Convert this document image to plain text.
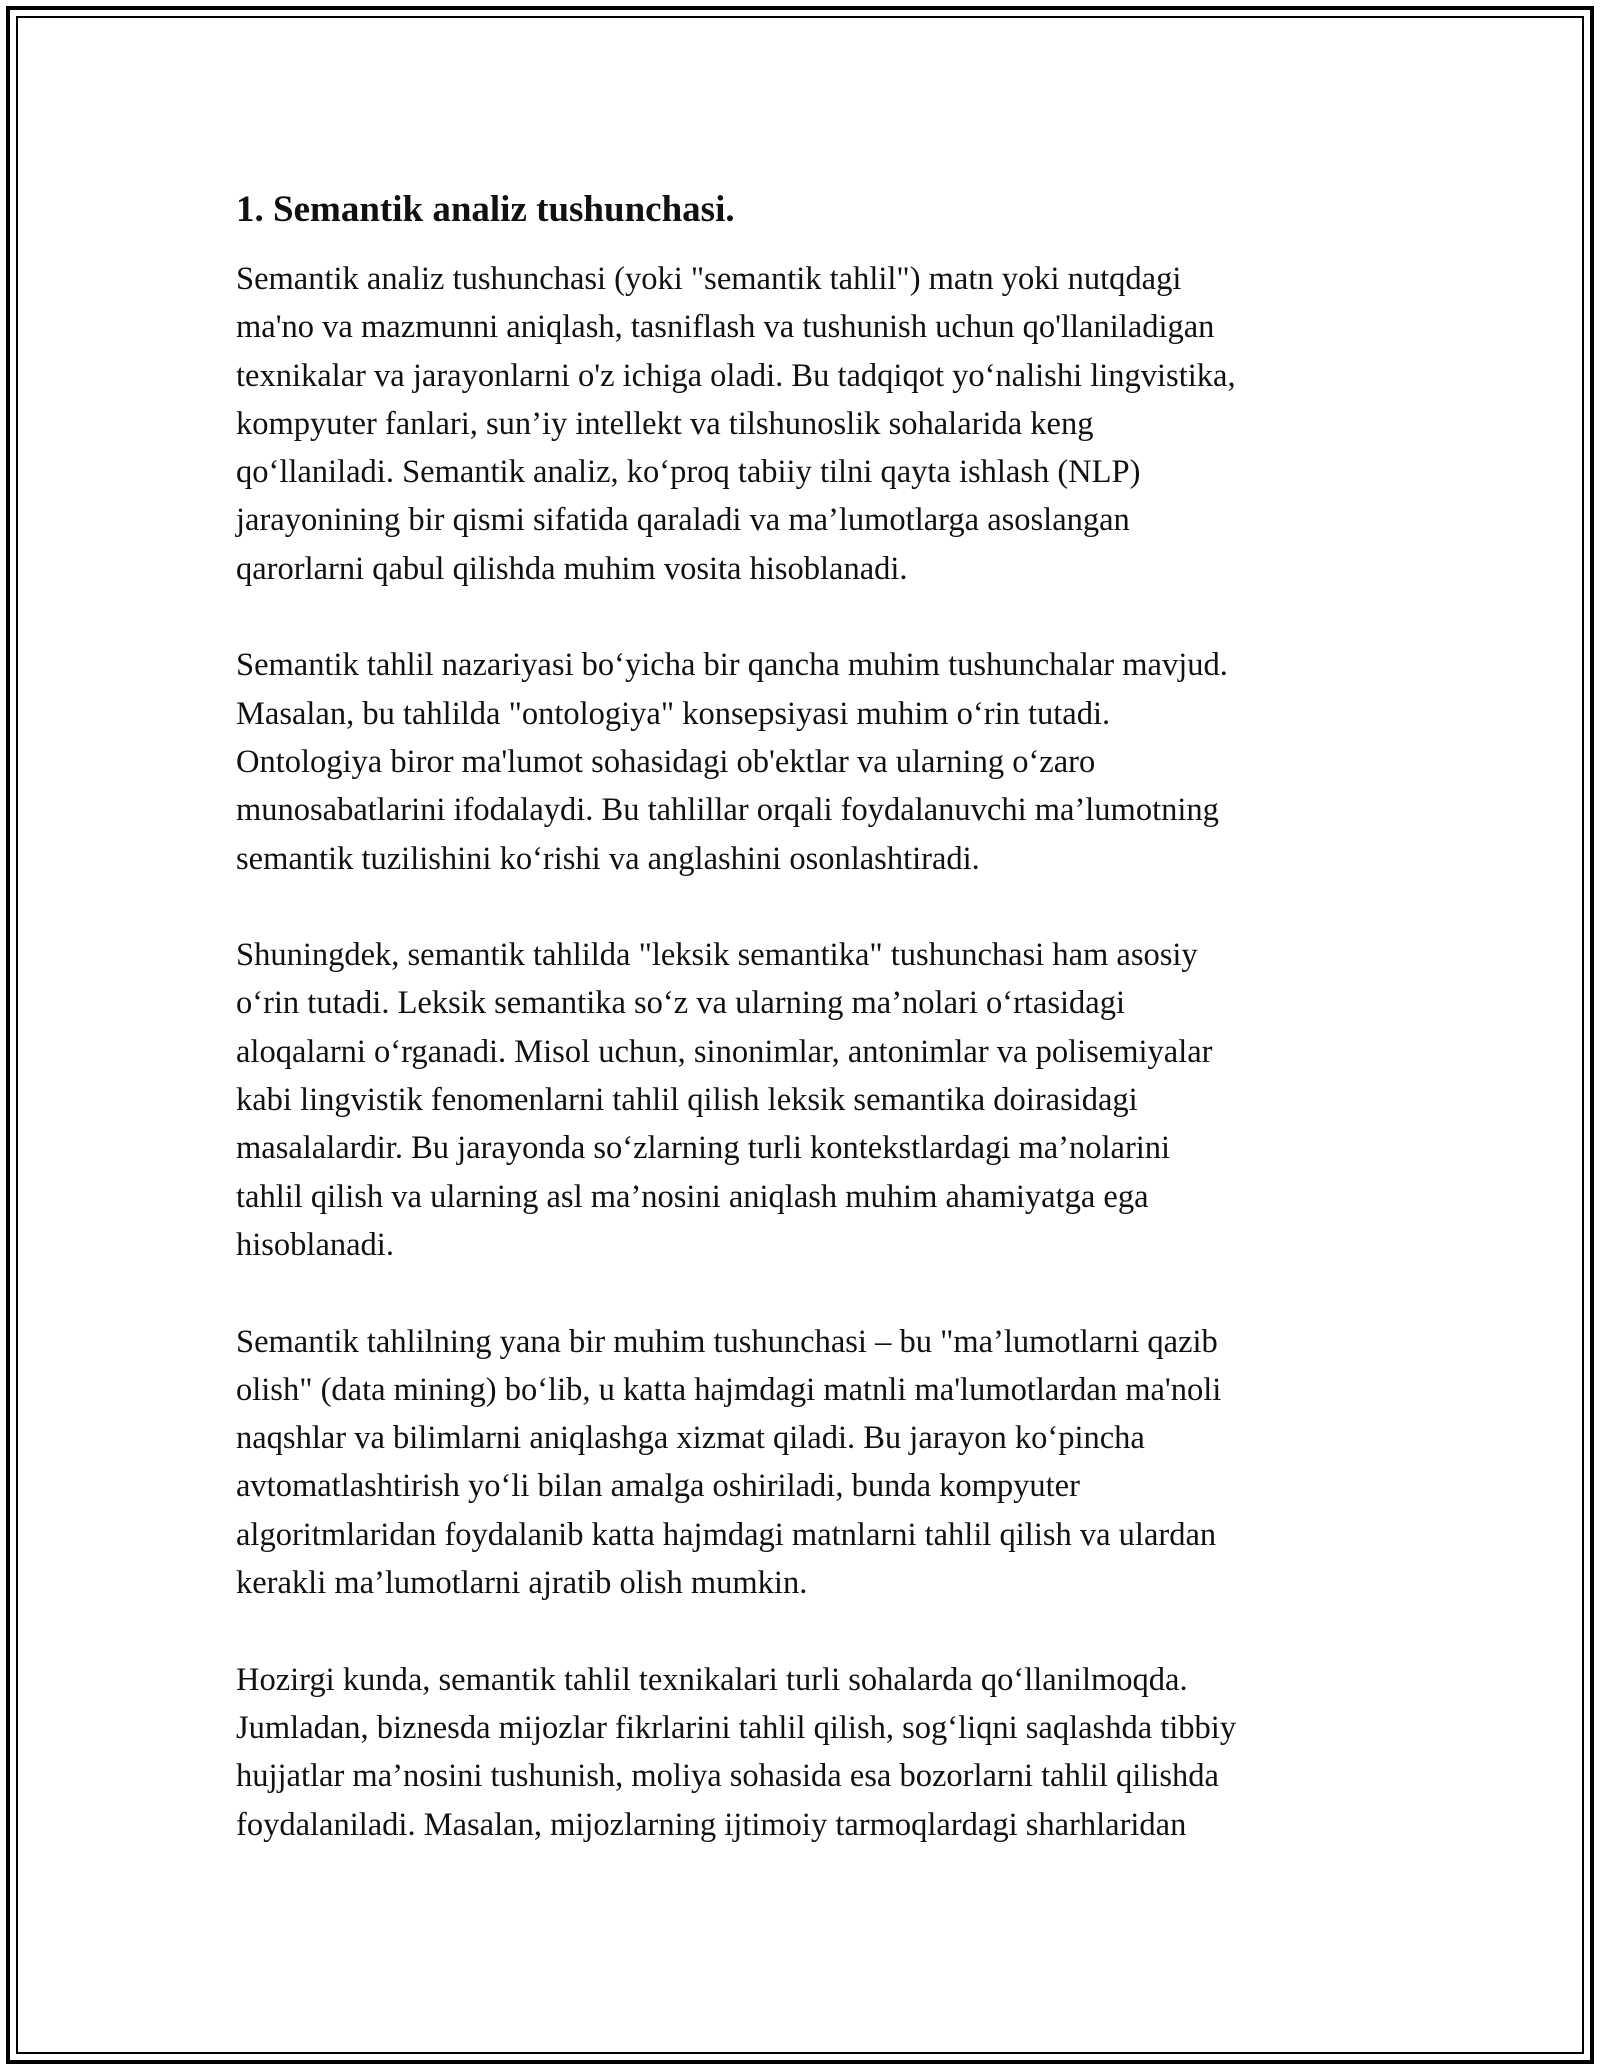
1. Semantik analiz tushunchasi.
Semantik analiz tushunchasi (yoki "semantik tahlil") matn yoki nutqdagi
ma'no va mazmunni aniqlash, tasniflash va tushunish uchun qo'llaniladigan
texnikalar va jarayonlarni o'z ichiga oladi. Bu tadqiqot yo‘nalishi lingvistika,
kompyuter fanlari, sun’iy intellekt va tilshunoslik sohalarida keng
qo‘llaniladi. Semantik analiz, ko‘proq tabiiy tilni qayta ishlash (NLP)
jarayonining bir qismi sifatida qaraladi va ma’lumotlarga asoslangan
qarorlarni qabul qilishda muhim vosita hisoblanadi.
Semantik tahlil nazariyasi bo‘yicha bir qancha muhim tushunchalar mavjud.
Masalan, bu tahlilda "ontologiya" konsepsiyasi muhim o‘rin tutadi.
Ontologiya biror ma'lumot sohasidagi ob'ektlar va ularning o‘zaro
munosabatlarini ifodalaydi. Bu tahlillar orqali foydalanuvchi ma’lumotning
semantik tuzilishini ko‘rishi va anglashini osonlashtiradi.
Shuningdek, semantik tahlilda "leksik semantika" tushunchasi ham asosiy
o‘rin tutadi. Leksik semantika so‘z va ularning ma’nolari o‘rtasidagi
aloqalarni o‘rganadi. Misol uchun, sinonimlar, antonimlar va polisemiyalar
kabi lingvistik fenomenlarni tahlil qilish leksik semantika doirasidagi
masalalardir. Bu jarayonda so‘zlarning turli kontekstlardagi ma’nolarini
tahlil qilish va ularning asl ma’nosini aniqlash muhim ahamiyatga ega
hisoblanadi.
Semantik tahlilning yana bir muhim tushunchasi – bu "ma’lumotlarni qazib
olish" (data mining) bo‘lib, u katta hajmdagi matnli ma'lumotlardan ma'noli
naqshlar va bilimlarni aniqlashga xizmat qiladi. Bu jarayon ko‘pincha
avtomatlashtirish yo‘li bilan amalga oshiriladi, bunda kompyuter
algoritmlaridan foydalanib katta hajmdagi matnlarni tahlil qilish va ulardan
kerakli ma’lumotlarni ajratib olish mumkin.
Hozirgi kunda, semantik tahlil texnikalari turli sohalarda qo‘llanilmoqda.
Jumladan, biznesda mijozlar fikrlarini tahlil qilish, sog‘liqni saqlashda tibbiy
hujjatlar ma’nosini tushunish, moliya sohasida esa bozorlarni tahlil qilishda
foydalaniladi. Masalan, mijozlarning ijtimoiy tarmoqlardagi sharhlaridan
